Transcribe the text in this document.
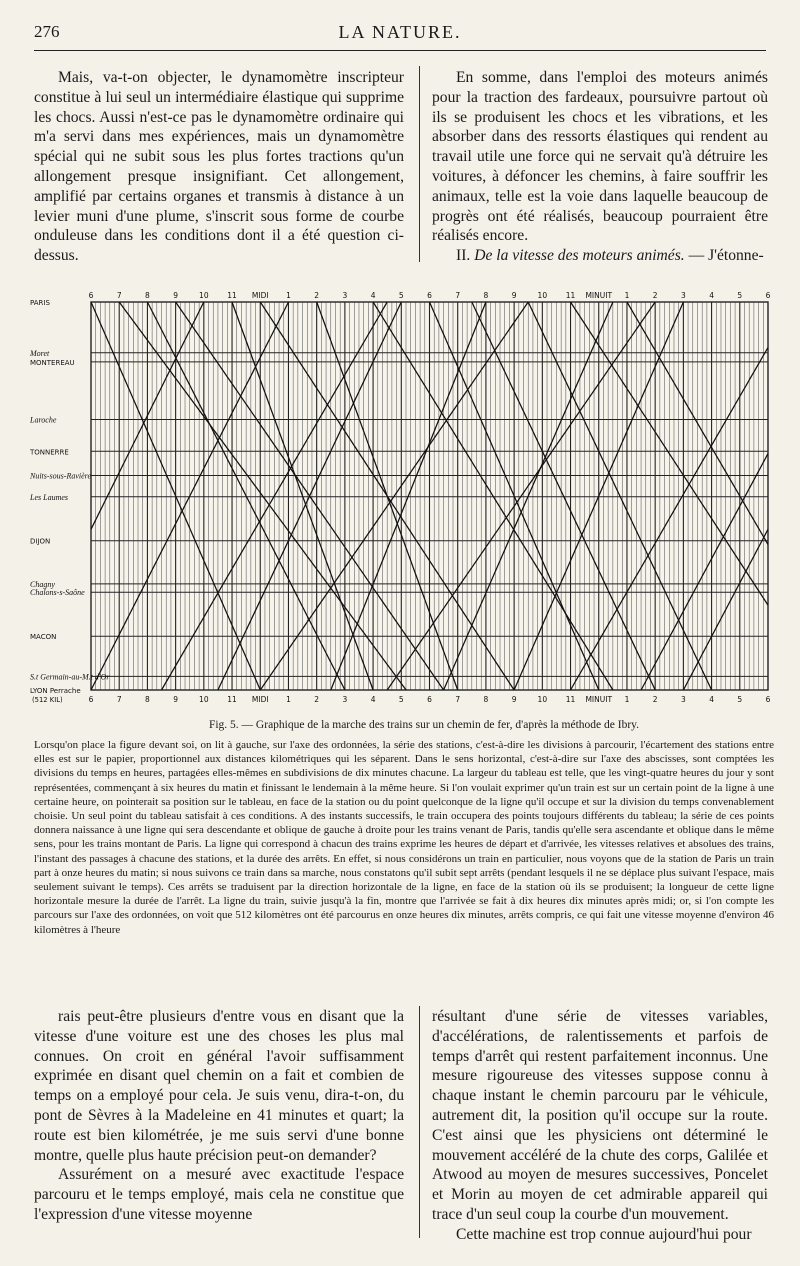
276	LA NATURE.

Mais, va-t-on objecter, le dynamomètre inscripteur constitue à lui seul un intermédiaire élastique qui supprime les chocs. Aussi n'est-ce pas le dynamomètre ordinaire qui m'a servi dans mes expériences, mais un dynamomètre spécial qui ne subit sous les plus fortes tractions qu'un allongement presque insignifiant. Cet allongement, amplifié par certains organes et transmis à distance à un levier muni d'une plume, s'inscrit sous forme de courbe onduleuse dans les conditions dont il a été question ci-dessus.

En somme, dans l'emploi des moteurs animés pour la traction des fardeaux, poursuivre partout où ils se produisent les chocs et les vibrations, et les absorber dans des ressorts élastiques qui rendent au travail utile une force qui ne servait qu'à détruire les voitures, à défoncer les chemins, à faire souffrir les animaux, telle est la voie dans laquelle beaucoup de progrès ont été réalisés, beaucoup pourraient être réalisés encore.

II. De la vitesse des moteurs animés. — J'étonne-

6	7	8	9	10 11 MIDI 1	2	3	4	5	6	7	8	9	10 11 MINUIT 1	2	3	4	5	6
6	7	8	9	10 11 MIDI 1	2	3	4	5	6	7	8	9	10 11 MINUIT 1	2	3	4	5	6
PARIS
Moret
MONTEREAU
Laroche
TONNERRE
Nuits-sous-Ravière
Les Laumes
DIJON
Chagny
Chalons-s-Saône
MACON
S.t Germain-au-M.t d'Or
LYON Perrache
(512 KIL)
Fig. 5. — Graphique de la marche des trains sur un chemin de fer, d'après la méthode de Ibry.

Lorsqu'on place la figure devant soi, on lit à gauche, sur l'axe des ordonnées, la série des stations, c'est-à-dire les divisions à parcourir, l'écartement des stations entre elles est sur le papier, proportionnel aux distances kilométriques qui les séparent. Dans le sens horizontal, c'est-à-dire sur l'axe des abscisses, sont comptées les divisions du temps en heures, partagées elles-mêmes en subdivisions de dix minutes chacune. La largeur du tableau est telle, que les vingt-quatre heures du jour y sont représentées, commençant à six heures du matin et finissant le lendemain à la même heure. Si l'on voulait exprimer qu'un train est sur un certain point de la ligne à une certaine heure, on pointerait sa position sur le tableau, en face de la station ou du point quelconque de la ligne qu'il occupe et sur la division du temps convenablement choisie. Un seul point du tableau satisfait à ces conditions. A des instants successifs, le train occupera des points toujours différents du tableau; la série de ces points donnera naissance à une ligne qui sera descendante et oblique de gauche à droite pour les trains venant de Paris, tandis qu'elle sera ascendante et oblique dans le même sens, pour les trains montant de Paris. La ligne qui correspond à chacun des trains exprime les heures de départ et d'arrivée, les vitesses relatives et absolues des trains, l'instant des passages à chacune des stations, et la durée des arrêts. En effet, si nous considérons un train en particulier, nous voyons que de la station de Paris un train part à onze heures du matin; si nous suivons ce train dans sa marche, nous constatons qu'il subit sept arrêts (pendant lesquels il ne se déplace plus suivant l'espace, mais seulement suivant le temps). Ces arrêts se traduisent par la direction horizontale de la ligne, en face de la station où ils se produisent; la longueur de cette ligne horizontale mesure la durée de l'arrêt. La ligne du train, suivie jusqu'à la fin, montre que l'arrivée se fait à dix heures dix minutes après midi; or, si l'on compte les parcours sur l'axe des ordonnées, on voit que 512 kilomètres ont été parcourus en onze heures dix minutes, arrêts compris, ce qui fait une vitesse moyenne d'environ 46 kilomètres à l'heure

rais peut-être plusieurs d'entre vous en disant que la vitesse d'une voiture est une des choses les plus mal connues. On croit en général l'avoir suffisamment exprimée en disant quel chemin on a fait et combien de temps on a employé pour cela. Je suis venu, dira-t-on, du pont de Sèvres à la Madeleine en 41 minutes et quart; la route est bien kilométrée, je me suis servi d'une bonne montre, quelle plus haute précision peut-on demander?

Assurément on a mesuré avec exactitude l'espace parcouru et le temps employé, mais cela ne constitue que l'expression d'une vitesse moyenne

résultant d'une série de vitesses variables, d'accélérations, de ralentissements et parfois de temps d'arrêt qui restent parfaitement inconnus. Une mesure rigoureuse des vitesses suppose connu à chaque instant le chemin parcouru par le véhicule, autrement dit, la position qu'il occupe sur la route. C'est ainsi que les physiciens ont déterminé le mouvement accéléré de la chute des corps, Galilée et Atwood au moyen de mesures successives, Poncelet et Morin au moyen de cet admirable appareil qui trace d'un seul coup la courbe d'un mouvement.

Cette machine est trop connue aujourd'hui pour
